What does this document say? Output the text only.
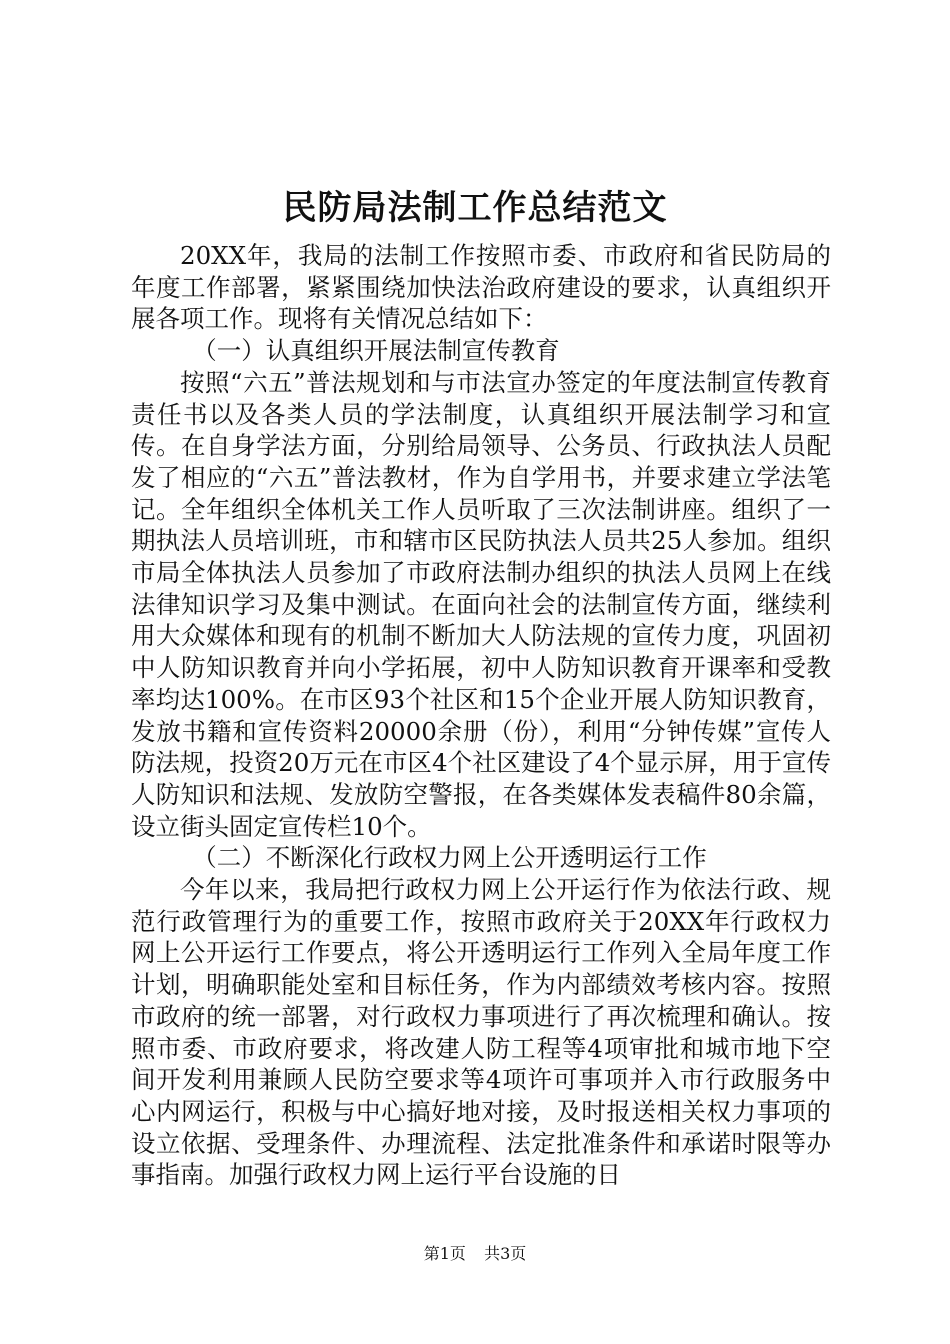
民防局法制工作总结范文

20XX年，我局的法制工作按照市委、市政府和省民防局的年度工作部署，紧紧围绕加快法治政府建设的要求，认真组织开展各项工作。现将有关情况总结如下：

（一）认真组织开展法制宣传教育

按照“六五”普法规划和与市法宣办签定的年度法制宣传教育责任书以及各类人员的学法制度，认真组织开展法制学习和宣传。在自身学法方面，分别给局领导、公务员、行政执法人员配发了相应的“六五”普法教材，作为自学用书，并要求建立学法笔记。全年组织全体机关工作人员听取了三次法制讲座。组织了一期执法人员培训班，市和辖市区民防执法人员共25人参加。组织市局全体执法人员参加了市政府法制办组织的执法人员网上在线法律知识学习及集中测试。在面向社会的法制宣传方面，继续利用大众媒体和现有的机制不断加大人防法规的宣传力度，巩固初中人防知识教育并向小学拓展，初中人防知识教育开课率和受教率均达100%。在市区93个社区和15个企业开展人防知识教育，发放书籍和宣传资料20000余册（份），利用“分钟传媒”宣传人防法规，投资20万元在市区4个社区建设了4个显示屏，用于宣传人防知识和法规、发放防空警报，在各类媒体发表稿件80余篇，设立街头固定宣传栏10个。

（二）不断深化行政权力网上公开透明运行工作

今年以来，我局把行政权力网上公开运行作为依法行政、规范行政管理行为的重要工作，按照市政府关于20XX年行政权力网上公开运行工作要点，将公开透明运行工作列入全局年度工作计划，明确职能处室和目标任务，作为内部绩效考核内容。按照市政府的统一部署，对行政权力事项进行了再次梳理和确认。按照市委、市政府要求，将改建人防工程等4项审批和城市地下空间开发利用兼顾人民防空要求等4项许可事项并入市行政服务中心内网运行，积极与中心搞好地对接，及时报送相关权力事项的设立依据、受理条件、办理流程、法定批准条件和承诺时限等办事指南。加强行政权力网上运行平台设施的日

第1页   共3页
